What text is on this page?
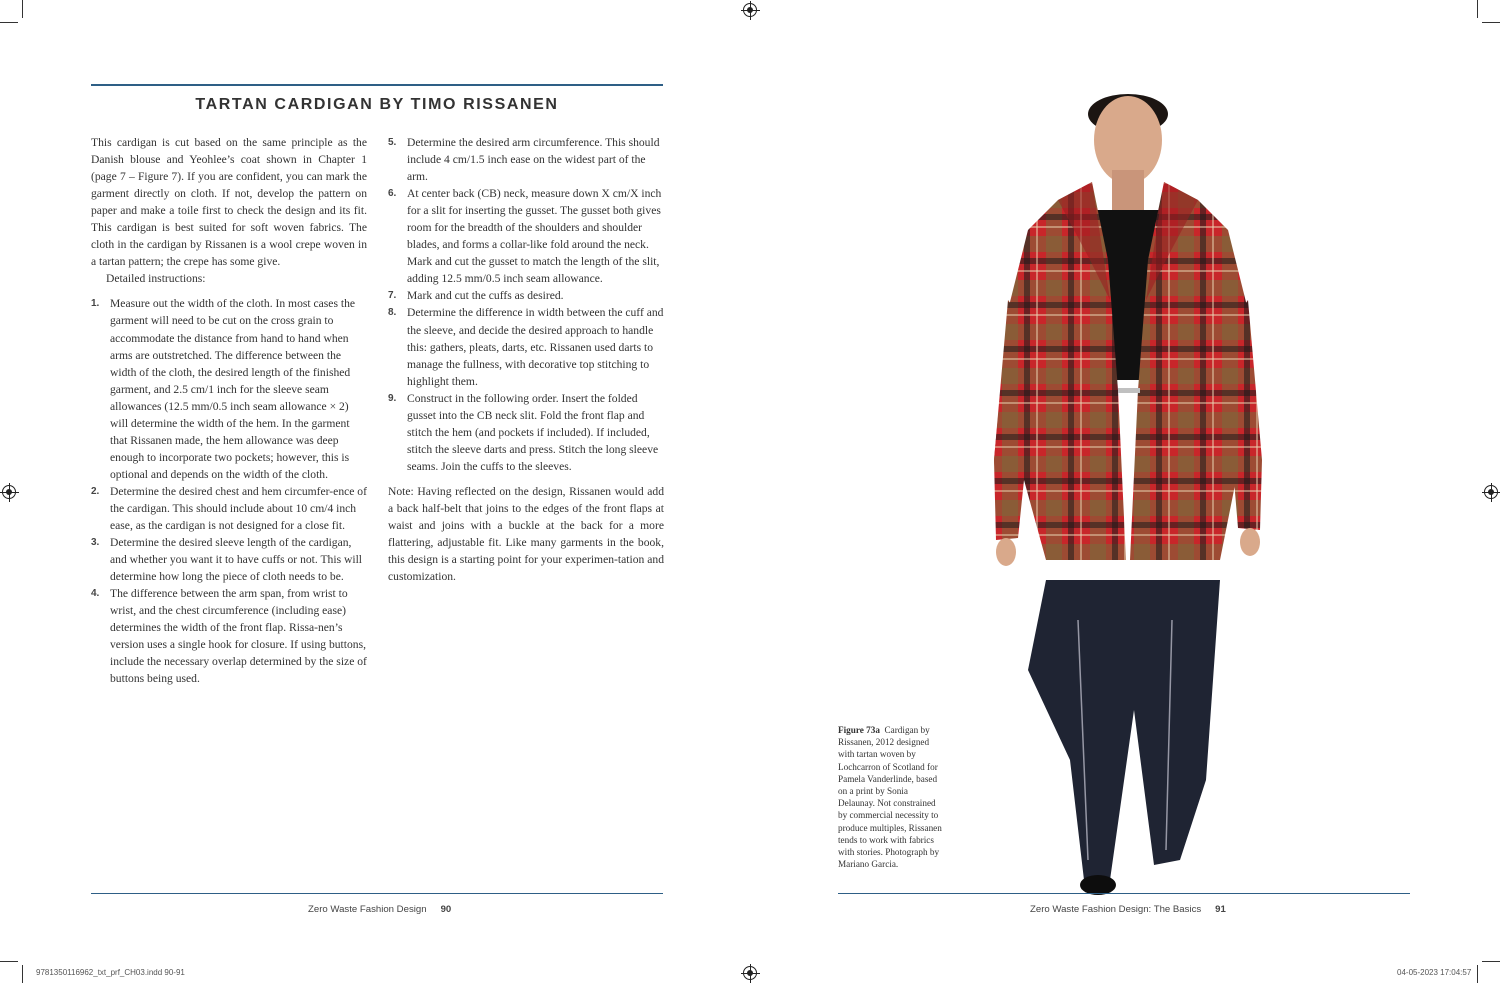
TARTAN CARDIGAN BY TIMO RISSANEN

This cardigan is cut based on the same principle as the Danish blouse and Yeohlee’s coat shown in Chapter 1 (page 7 – Figure 7). If you are confident, you can mark the garment directly on cloth. If not, develop the pattern on paper and make a toile first to check the design and its fit. This cardigan is best suited for soft woven fabrics. The cloth in the cardigan by Rissanen is a wool crepe woven in a tartan pattern; the crepe has some give.

Detailed instructions:

1. Measure out the width of the cloth. In most cases the garment will need to be cut on the cross grain to accommodate the distance from hand to hand when arms are outstretched. The difference between the width of the cloth, the desired length of the finished garment, and 2.5 cm/1 inch for the sleeve seam allowances (12.5 mm/0.5 inch seam allowance × 2) will determine the width of the hem. In the garment that Rissanen made, the hem allowance was deep enough to incorporate two pockets; however, this is optional and depends on the width of the cloth.
2. Determine the desired chest and hem circumfer-ence of the cardigan. This should include about 10 cm/4 inch ease, as the cardigan is not designed for a close fit.
3. Determine the desired sleeve length of the cardigan, and whether you want it to have cuffs or not. This will determine how long the piece of cloth needs to be.
4. The difference between the arm span, from wrist to wrist, and the chest circumference (including ease) determines the width of the front flap. Rissa-nen’s version uses a single hook for closure. If using buttons, include the necessary overlap determined by the size of buttons being used.
5. Determine the desired arm circumference. This should include 4 cm/1.5 inch ease on the widest part of the arm.
6. At center back (CB) neck, measure down X cm/X inch for a slit for inserting the gusset. The gusset both gives room for the breadth of the shoulders and shoulder blades, and forms a collar-like fold around the neck. Mark and cut the gusset to match the length of the slit, adding 12.5 mm/0.5 inch seam allowance.
7. Mark and cut the cuffs as desired.
8. Determine the difference in width between the cuff and the sleeve, and decide the desired approach to handle this: gathers, pleats, darts, etc. Rissanen used darts to manage the fullness, with decorative top stitching to highlight them.
9. Construct in the following order. Insert the folded gusset into the CB neck slit. Fold the front flap and stitch the hem (and pockets if included). If included, stitch the sleeve darts and press. Stitch the long sleeve seams. Join the cuffs to the sleeves.

Note: Having reflected on the design, Rissanen would add a back half-belt that joins to the edges of the front flaps at waist and joins with a buckle at the back for a more flattering, adjustable fit. Like many garments in the book, this design is a starting point for your experimen-tation and customization.

Zero Waste Fashion Design 90
Figure 73a Cardigan by Rissanen, 2012 designed with tartan woven by Lochcarron of Scotland for Pamela Vanderlinde, based on a print by Sonia Delaunay. Not constrained by commercial necessity to produce multiples, Rissanen tends to work with fabrics with stories. Photograph by Mariano Garcia.
Zero Waste Fashion Design: The Basics 91
9781350116962_txt_prf_CH03.indd 90-91	04-05-2023 17:04:57
